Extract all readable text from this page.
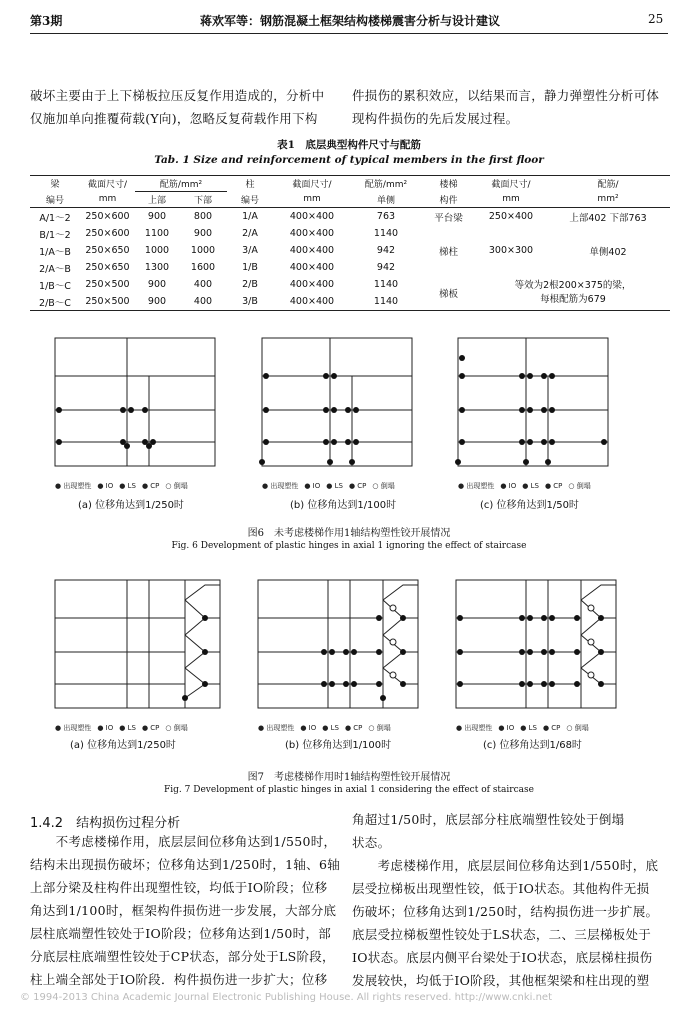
第3期	蒋欢军等：钢筋混凝土框架结构楼梯震害分析与设计建议	25
破坏主要由于上下梯板拉压反复作用造成的，分析中
仅施加单向推覆荷载(Y向)，忽略反复荷载作用下构
件损伤的累积效应，以结果而言，静力弹塑性分析可体
现构件损伤的先后发展过程。
表1　底层典型构件尺寸与配筋
Tab. 1 Size and reinforcement of typical members in the first floor
梁	截面尺寸/	配筋/mm²		柱	截面尺寸/	配筋/mm²	楼梯	截面尺寸/	配筋/
编号	mm	上部	下部	编号	mm	单侧	构件	mm	mm²
A/1～2	250×600	900	800	1/A	400×400	763	平台梁	250×400	上部402 下部763
B/1～2	250×600	1100	900	2/A	400×400	1140			
1/A～B	250×650	1000	1000	3/A	400×400	942	梯柱	300×300	单侧402
2/A～B	250×650	1300	1600	1/B	400×400	942			
1/B～C	250×500	900	400	2/B	400×400	1140	梯板	等效为2根200×375的梁，
每根配筋为679	

2/B～C	250×500	900	400	3/B	400×400	1140			
● 出现塑性 ● IO ● LS ● CP ○ 倒塌	● 出现塑性 ● IO ● LS ● CP ○ 倒塌	● 出现塑性 ● IO ● LS ● CP ○ 倒塌
(a) 位移角达到1/250时	(b) 位移角达到1/100时	(c) 位移角达到1/50时
图6　未考虑楼梯作用1轴结构塑性铰开展情况
Fig. 6 Development of plastic hinges in axial 1 ignoring the effect of staircase
● 出现塑性 ● IO ● LS ● CP ○ 倒塌	● 出现塑性 ● IO ● LS ● CP ○ 倒塌	● 出现塑性 ● IO ● LS ● CP ○ 倒塌
(a) 位移角达到1/250时	(b) 位移角达到1/100时	(c) 位移角达到1/68时
图7　考虑楼梯作用时1轴结构塑性铰开展情况
Fig. 7 Development of plastic hinges in axial 1 considering the effect of staircase
1.4.2　结构损伤过程分析
　　不考虑楼梯作用，底层层间位移角达到1/550时，
结构未出现损伤破坏；位移角达到1/250时，1轴、6轴
上部分梁及柱构件出现塑性铰，均低于IO阶段；位移
角达到1/100时，框架构件损伤进一步发展，大部分底
层柱底端塑性铰处于IO阶段；位移角达到1/50时，部
分底层柱底端塑性铰处于CP状态，部分处于LS阶段，
柱上端全部处于IO阶段．构件损伤进一步扩大；位移
角超过1/50时，底层部分柱底端塑性铰处于倒塌
状态。
　　考虑楼梯作用，底层层间位移角达到1/550时，底
层受拉梯板出现塑性铰，低于IO状态。其他构件无损
伤破坏；位移角达到1/250时，结构损伤进一步扩展。
底层受拉梯板塑性铰处于LS状态，二、三层梯板处于
IO状态。底层内侧平台梁处于IO状态，底层梯柱损伤
发展较快，均低于IO阶段，其他框架梁和柱出现的塑
© 1994-2013 China Academic Journal Electronic Publishing House. All rights reserved. http://www.cnki.net
